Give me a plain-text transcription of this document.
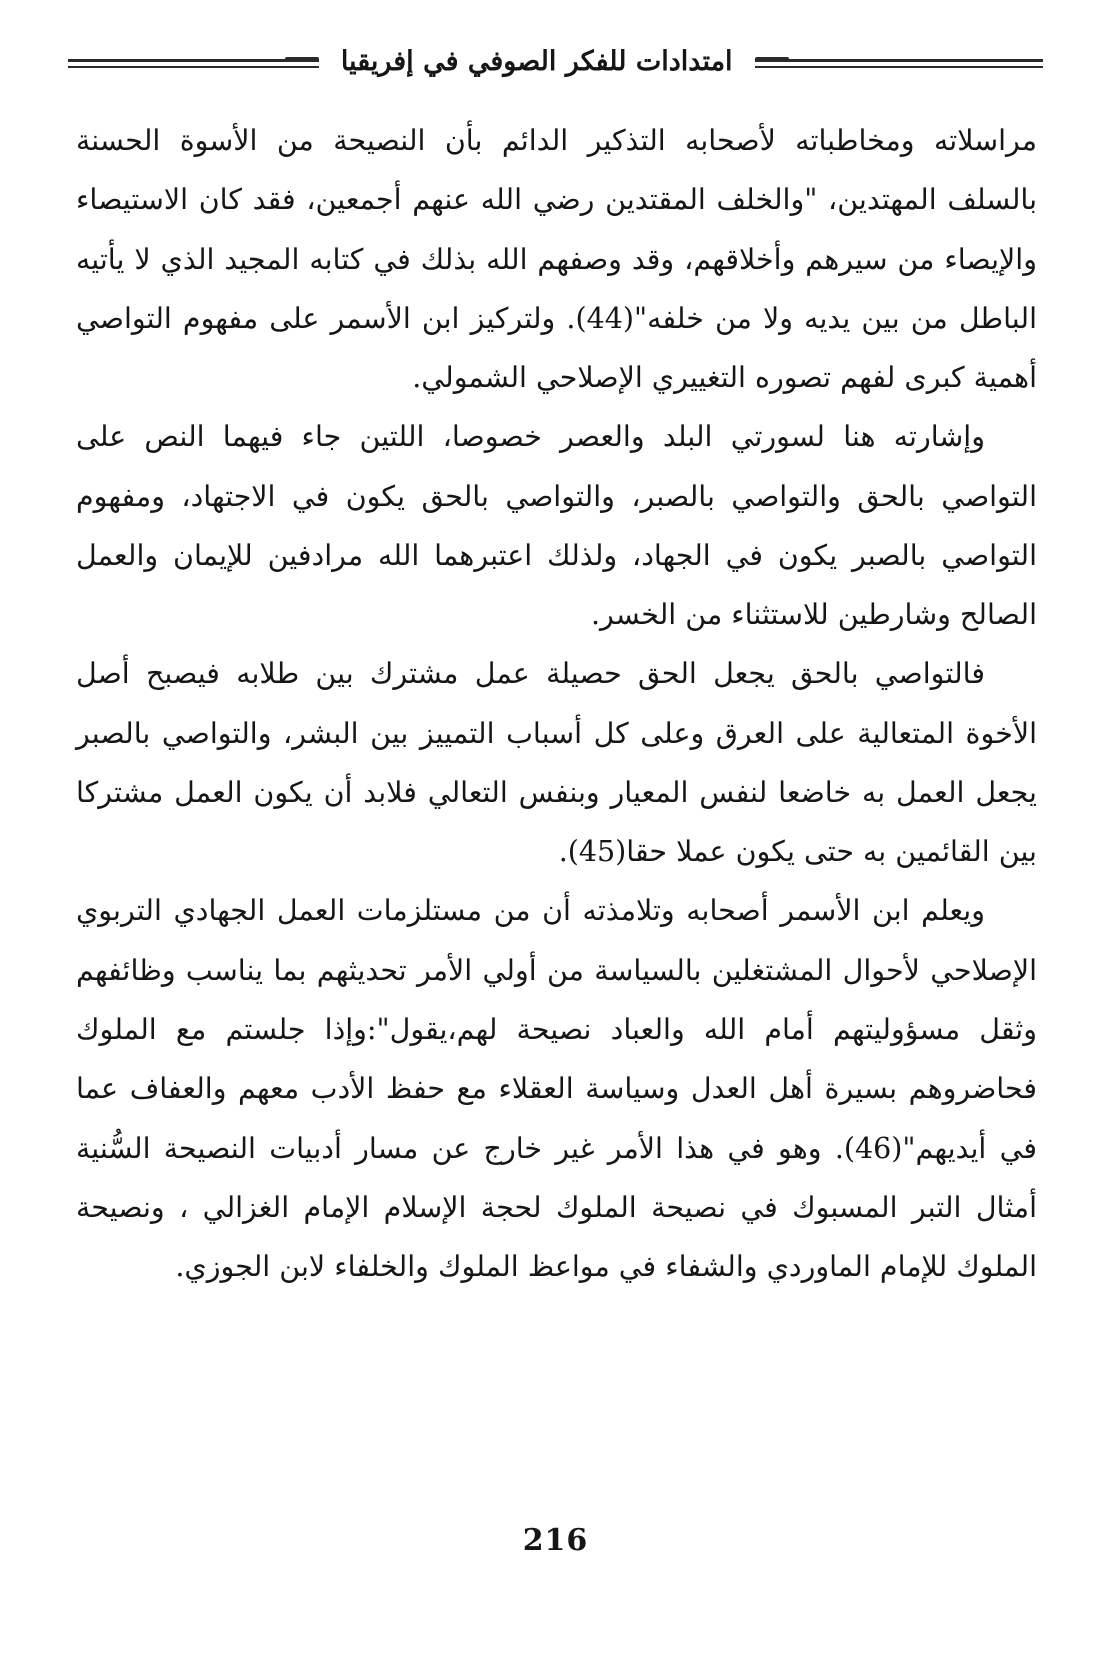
امتدادات للفكر الصوفي في إفريقيا

مراسلاته ومخاطباته لأصحابه التذكير الدائم بأن النصيحة من الأسوة الحسنة بالسلف المهتدين، "والخلف المقتدين رضي الله عنهم أجمعين، فقد كان الاستيصاء والإيصاء من سيرهم وأخلاقهم، وقد وصفهم الله بذلك في كتابه المجيد الذي لا يأتيه الباطل من بين يديه ولا من خلفه"(44). ولتركيز ابن الأسمر على مفهوم التواصي أهمية كبرى لفهم تصوره التغييري الإصلاحي الشمولي.

وإشارته هنا لسورتي البلد والعصر خصوصا، اللتين جاء فيهما النص على التواصي بالحق والتواصي بالصبر، والتواصي بالحق يكون في الاجتهاد، ومفهوم التواصي بالصبر يكون في الجهاد، ولذلك اعتبرهما الله مرادفين للإيمان والعمل الصالح وشارطين للاستثناء من الخسر.

فالتواصي بالحق يجعل الحق حصيلة عمل مشترك بين طلابه فيصبح أصل الأخوة المتعالية على العرق وعلى كل أسباب التمييز بين البشر، والتواصي بالصبر يجعل العمل به خاضعا لنفس المعيار وبنفس التعالي فلابد أن يكون العمل مشتركا بين القائمين به حتى يكون عملا حقا(45).

ويعلم ابن الأسمر أصحابه وتلامذته أن من مستلزمات العمل الجهادي التربوي الإصلاحي لأحوال المشتغلين بالسياسة من أولي الأمر تحديثهم بما يناسب وظائفهم وثقل مسؤوليتهم أمام الله والعباد نصيحة لهم،يقول":وإذا جلستم مع الملوك فحاضروهم بسيرة أهل العدل وسياسة العقلاء مع حفظ الأدب معهم والعفاف عما في أيديهم"(46). وهو في هذا الأمر غير خارج عن مسار أدبيات النصيحة السُّنية أمثال التبر المسبوك في نصيحة الملوك لحجة الإسلام الإمام الغزالي ، ونصيحة الملوك للإمام الماوردي والشفاء في مواعظ الملوك والخلفاء لابن الجوزي.

216
